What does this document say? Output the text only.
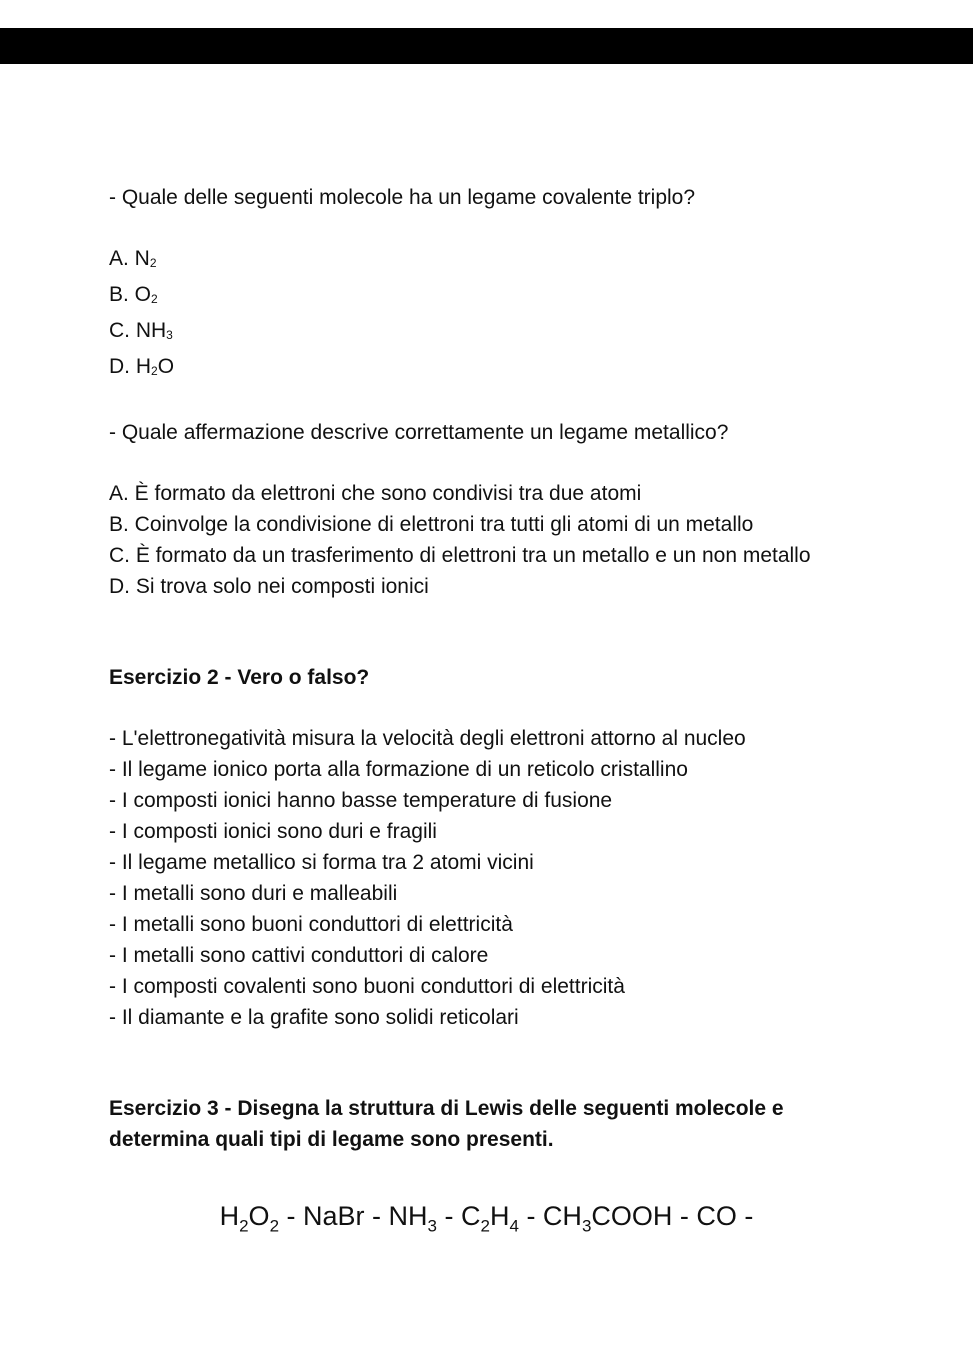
- Quale delle seguenti molecole ha un legame covalente triplo?
A. N2
B. O2
C. NH3
D. H2O
- Quale affermazione descrive correttamente un legame metallico?
A. È formato da elettroni che sono condivisi tra due atomi
B. Coinvolge la condivisione di elettroni tra tutti gli atomi di un metallo
C. È formato da un trasferimento di elettroni tra un metallo e un non metallo
D. Si trova solo nei composti ionici
Esercizio 2 - Vero o falso?
- L'elettronegatività misura la velocità degli elettroni attorno al nucleo
- Il legame ionico porta alla formazione di un reticolo cristallino
- I composti ionici hanno basse temperature di fusione
- I composti ionici sono duri e fragili
- Il legame metallico si forma tra 2 atomi vicini
- I metalli sono duri e malleabili
- I metalli sono buoni conduttori di elettricità
- I metalli sono cattivi conduttori di calore
- I composti covalenti sono buoni conduttori di elettricità
- Il diamante e la grafite sono solidi reticolari
Esercizio 3 - Disegna la struttura di Lewis delle seguenti molecole e determina quali tipi di legame sono presenti.
$H_2O_2$ - NaBr - $NH_3 - C_2H_4$ - $CH_3COOH$ - CO -
